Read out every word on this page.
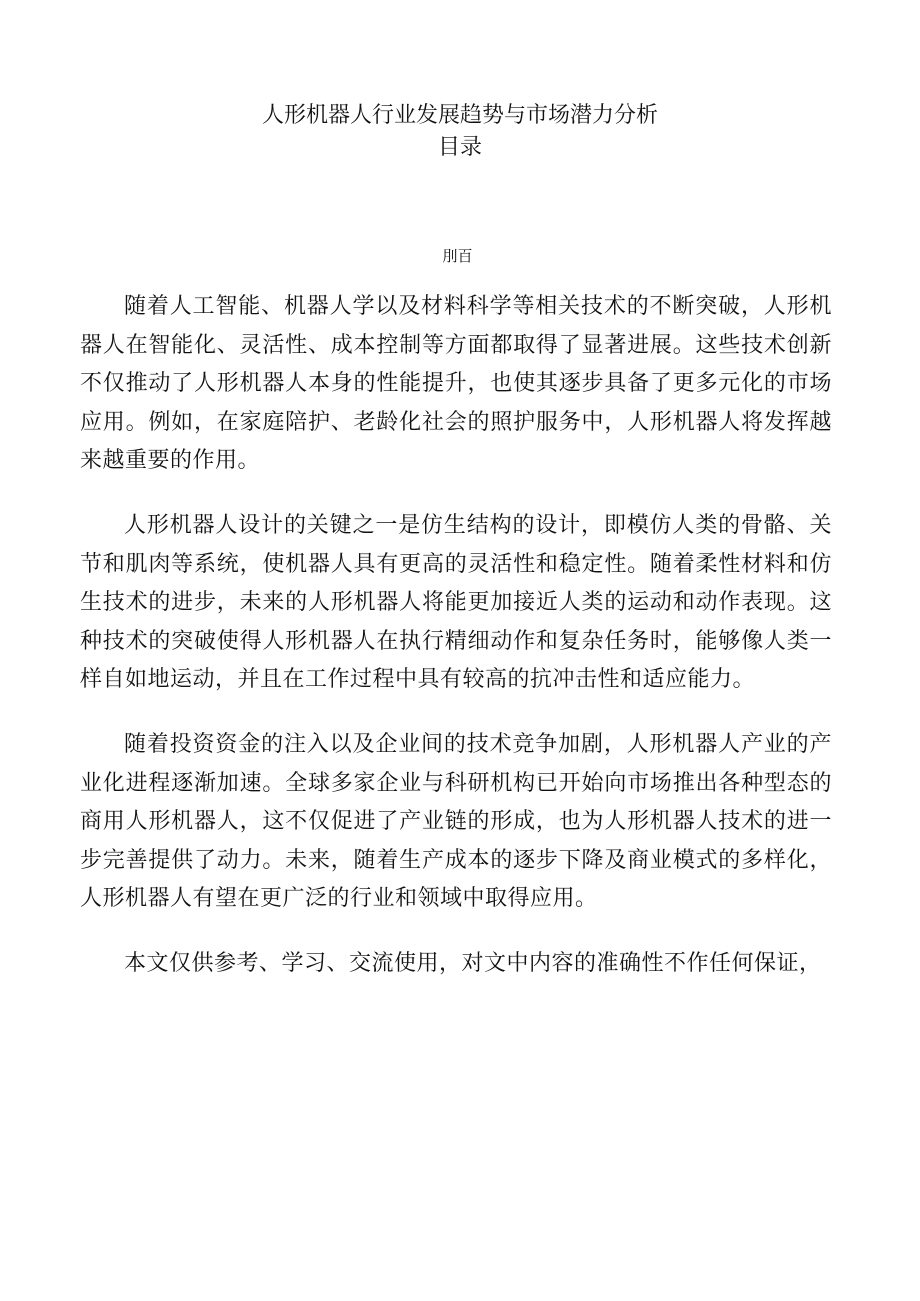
人形机器人行业发展趋势与市场潜力分析
目录
刖百

随着人工智能、机器人学以及材料科学等相关技术的不断突破，人形机器人在智能化、灵活性、成本控制等方面都取得了显著进展。这些技术创新不仅推动了人形机器人本身的性能提升，也使其逐步具备了更多元化的市场应用。例如，在家庭陪护、老龄化社会的照护服务中，人形机器人将发挥越来越重要的作用。

人形机器人设计的关键之一是仿生结构的设计，即模仿人类的骨骼、关节和肌肉等系统，使机器人具有更高的灵活性和稳定性。随着柔性材料和仿生技术的进步，未来的人形机器人将能更加接近人类的运动和动作表现。这种技术的突破使得人形机器人在执行精细动作和复杂任务时，能够像人类一样自如地运动，并且在工作过程中具有较高的抗冲击性和适应能力。

随着投资资金的注入以及企业间的技术竞争加剧，人形机器人产业的产业化进程逐渐加速。全球多家企业与科研机构已开始向市场推出各种型态的商用人形机器人，这不仅促进了产业链的形成，也为人形机器人技术的进一步完善提供了动力。未来，随着生产成本的逐步下降及商业模式的多样化，人形机器人有望在更广泛的行业和领域中取得应用。

本文仅供参考、学习、交流使用，对文中内容的准确性不作任何保证，
